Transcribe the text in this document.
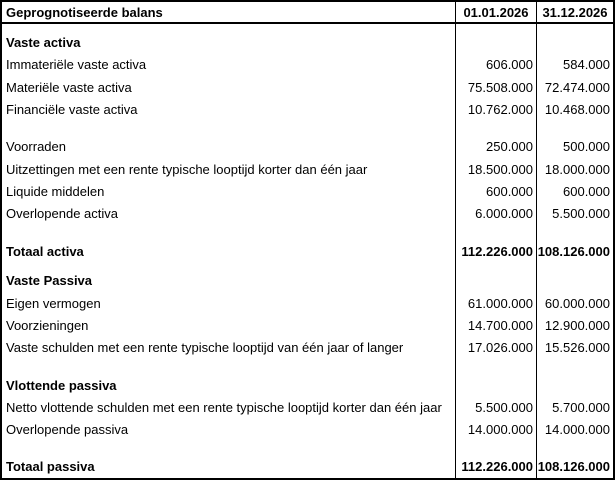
Geprognotiseerde balans	01.01.2026	31.12.2026
Vaste activa
Immateriële vaste activa	606.000	584.000
Materiële vaste activa	75.508.000 72.474.000
Financiële vaste activa	10.762.000 10.468.000
Voorraden	250.000	500.000
Uitzettingen met een rente typische looptijd korter dan één jaar	18.500.000 18.000.000
Liquide middelen	600.000	600.000
Overlopende activa	6.000.000	5.500.000
Totaal activa	112.226.000 108.126.000
Vaste Passiva
Eigen vermogen	61.000.000 60.000.000
Voorzieningen	14.700.000 12.900.000
Vaste schulden met een rente typische looptijd van één jaar of langer	17.026.000 15.526.000
Vlottende passiva
Netto vlottende schulden met een rente typische looptijd korter dan één jaar	5.500.000	5.700.000
Overlopende passiva	14.000.000 14.000.000
Totaal passiva	112.226.000 108.126.000
